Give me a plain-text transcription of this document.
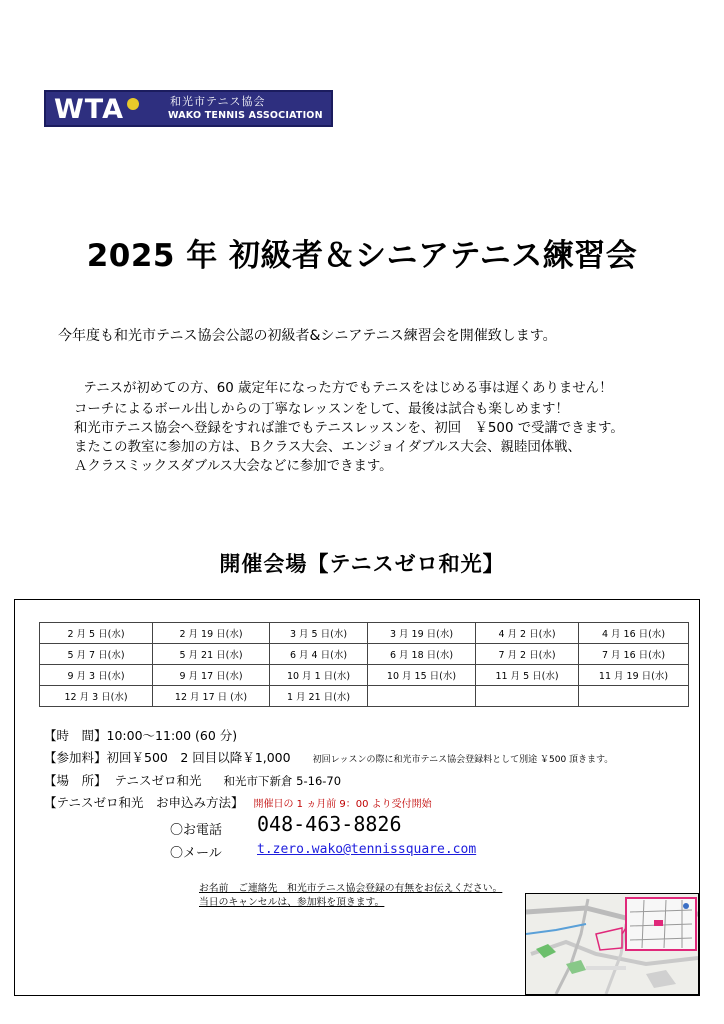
WTA	和光市テニス協会
WAKO TENNIS ASSOCIATION
2025 年 初級者＆シニアテニス練習会
今年度も和光市テニス協会公認の初級者&シニアテニス練習会を開催致します。
　テニスが初めての方、60 歳定年になった方でもテニスをはじめる事は遅くありません！
コーチによるボール出しからの丁寧なレッスンをして、最後は試合も楽しめます！
和光市テニス協会へ登録をすれば誰でもテニスレッスンを、初回　￥500 で受講できます。
またこの教室に参加の方は、Ｂクラス大会、エンジョイダブルス大会、親睦団体戦、
Ａクラスミックスダブルス大会などに参加できます。
開催会場【テニスゼロ和光】
2 月 5 日(水)	2 月 19 日(水)	3 月 5 日(水)	3 月 19 日(水)	4 月 2 日(水)	4 月 16 日(水)
5 月 7 日(水)	5 月 21 日(水)	6 月 4 日(水)	6 月 18 日(水)	7 月 2 日(水)	7 月 16 日(水)
9 月 3 日(水)	9 月 17 日(水)	10 月 1 日(水)	10 月 15 日(水)	11 月 5 日(水)	11 月 19 日(水)
12 月 3 日(水)	12 月 17 日 (水)	1 月 21 日(水)			
【時　間】10:00～11:00 (60 分)
【参加料】初回￥500　2 回目以降￥1,000 初回レッスンの際に和光市テニス協会登録料として別途 ￥500 頂きます。
【場　所】 テニスゼロ和光 和光市下新倉 5-16-70
【テニスゼロ和光　お申込み方法】 開催日の 1 ヵ月前 9：00 より受付開始
〇お電話 048-463-8826
〇メール	t.zero.wako@tennissquare.com
お名前　ご連絡先　和光市テニス協会登録の有無をお伝えください。
当日のキャンセルは、参加料を頂きます。
